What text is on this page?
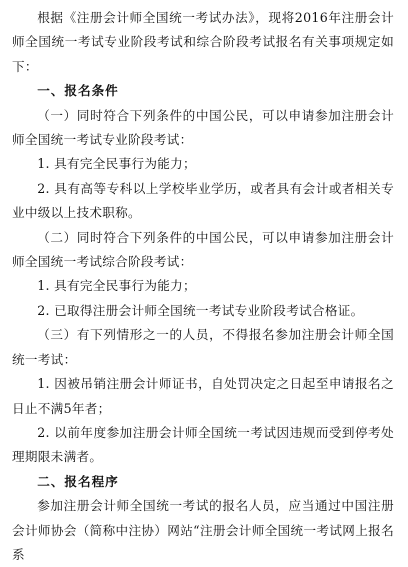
根据《注册会计师全国统一考试办法》，现将2016年注册会计师全国统一考试专业阶段考试和综合阶段考试报名有关事项规定如下：

一、报名条件

（一）同时符合下列条件的中国公民，可以申请参加注册会计师全国统一考试专业阶段考试：

1. 具有完全民事行为能力；

2. 具有高等专科以上学校毕业学历，或者具有会计或者相关专业中级以上技术职称。

（二）同时符合下列条件的中国公民，可以申请参加注册会计师全国统一考试综合阶段考试：

1. 具有完全民事行为能力；

2. 已取得注册会计师全国统一考试专业阶段考试合格证。

（三）有下列情形之一的人员，不得报名参加注册会计师全国统一考试：

1. 因被吊销注册会计师证书，自处罚决定之日起至申请报名之日止不满5年者；

2. 以前年度参加注册会计师全国统一考试因违规而受到停考处理期限未满者。

二、报名程序

参加注册会计师全国统一考试的报名人员，应当通过中国注册会计师协会（简称中注协）网站“注册会计师全国统一考试网上报名系
